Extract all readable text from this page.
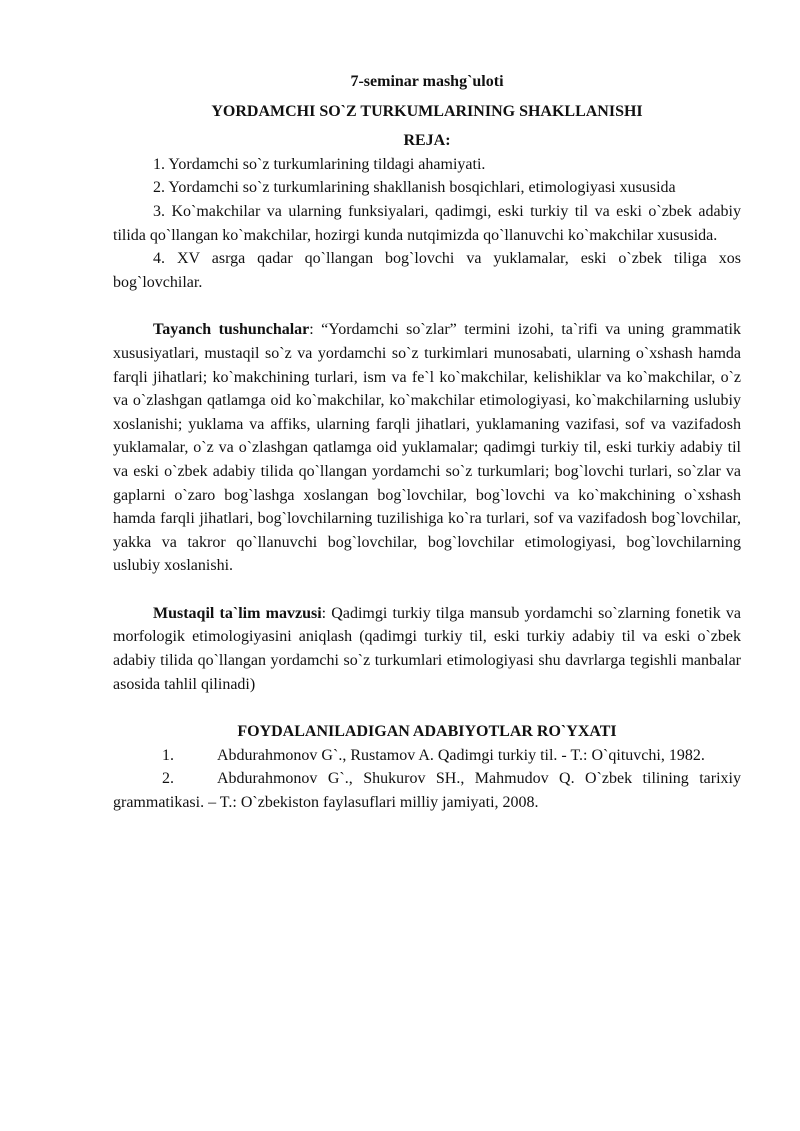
7-seminar mashg`uloti

YORDAMCHI SO`Z TURKUMLARINING SHAKLLANISHI

REJA:

1. Yordamchi so`z turkumlarining tildagi ahamiyati.

2. Yordamchi so`z turkumlarining shakllanish bosqichlari, etimologiyasi xususida

3. Ko`makchilar va ularning funksiyalari, qadimgi, eski turkiy til va eski o`zbek adabiy tilida qo`llangan ko`makchilar, hozirgi kunda nutqimizda qo`llanuvchi ko`makchilar xususida.

4. XV asrga qadar qo`llangan bog`lovchi va yuklamalar, eski o`zbek tiliga xos bog`lovchilar.

Tayanch tushunchalar: “Yordamchi so`zlar” termini izohi, ta`rifi va uning grammatik xususiyatlari, mustaqil so`z va yordamchi so`z turkimlari munosabati, ularning o`xshash hamda farqli jihatlari; ko`makchining turlari, ism va fe`l ko`makchilar, kelishiklar va ko`makchilar, o`z va o`zlashgan qatlamga oid ko`makchilar, ko`makchilar etimologiyasi, ko`makchilarning uslubiy xoslanishi; yuklama va affiks, ularning farqli jihatlari, yuklamaning vazifasi, sof va vazifadosh yuklamalar, o`z va o`zlashgan qatlamga oid yuklamalar; qadimgi turkiy til, eski turkiy adabiy til va eski o`zbek adabiy tilida qo`llangan yordamchi so`z turkumlari; bog`lovchi turlari, so`zlar va gaplarni o`zaro bog`lashga xoslangan bog`lovchilar, bog`lovchi va ko`makchining o`xshash hamda farqli jihatlari, bog`lovchilarning tuzilishiga ko`ra turlari, sof va vazifadosh bog`lovchilar, yakka va takror qo`llanuvchi bog`lovchilar, bog`lovchilar etimologiyasi, bog`lovchilarning uslubiy xoslanishi.

Mustaqil ta`lim mavzusi: Qadimgi turkiy tilga mansub yordamchi so`zlarning fonetik va morfologik etimologiyasini aniqlash (qadimgi turkiy til, eski turkiy adabiy til va eski o`zbek adabiy tilida qo`llangan yordamchi so`z turkumlari etimologiyasi shu davrlarga tegishli manbalar asosida tahlil qilinadi)

FOYDALANILADIGAN ADABIYOTLAR RO`YXATI

1.	Abdurahmonov G`., Rustamov A. Qadimgi turkiy til. - T.: O`qituvchi, 1982.

2.	Abdurahmonov G`., Shukurov SH., Mahmudov Q. O`zbek tilining tarixiy grammatikasi. – T.: O`zbekiston faylasuflari milliy jamiyati, 2008.
